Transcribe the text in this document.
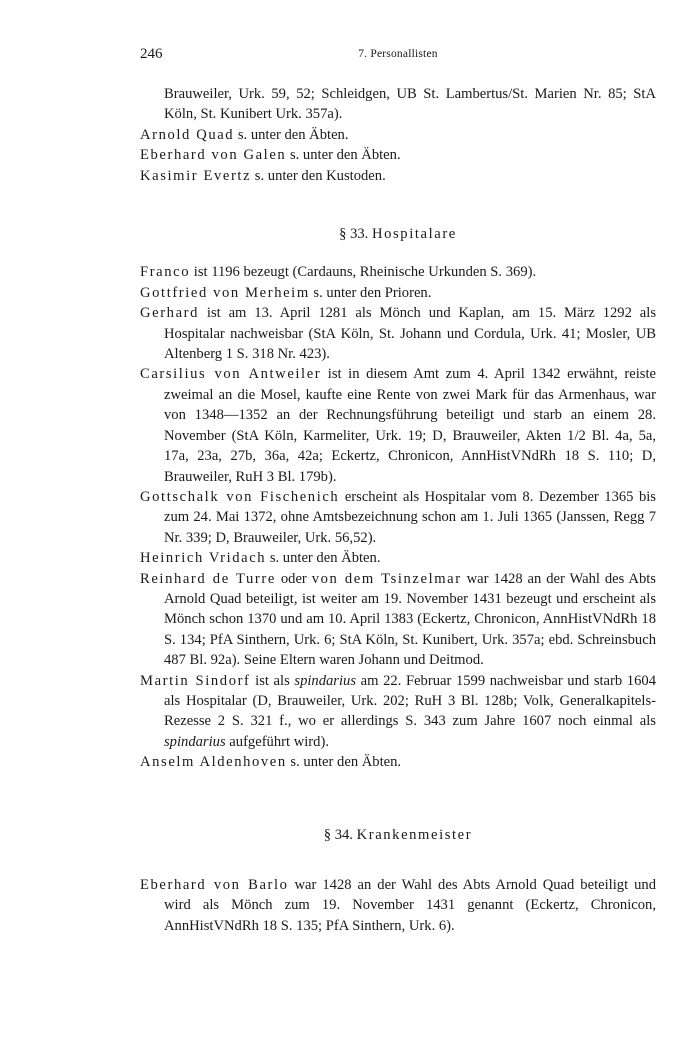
246	7. Personallisten

Brauweiler, Urk. 59, 52; Schleidgen, UB St. Lambertus/St. Marien Nr. 85; StA Köln, St. Kunibert Urk. 357a).

Arnold Quad s. unter den Äbten.

Eberhard von Galen s. unter den Äbten.

Kasimir Evertz s. unter den Kustoden.

§ 33. Hospitalare

Franco ist 1196 bezeugt (Cardauns, Rheinische Urkunden S. 369).

Gottfried von Merheim s. unter den Prioren.

Gerhard ist am 13. April 1281 als Mönch und Kaplan, am 15. März 1292 als Hospitalar nachweisbar (StA Köln, St. Johann und Cordula, Urk. 41; Mosler, UB Altenberg 1 S. 318 Nr. 423).

Carsilius von Antweiler ist in diesem Amt zum 4. April 1342 erwähnt, reiste zweimal an die Mosel, kaufte eine Rente von zwei Mark für das Armenhaus, war von 1348—1352 an der Rechnungsführung beteiligt und starb an einem 28. November (StA Köln, Karmeliter, Urk. 19; D, Brauweiler, Akten 1/2 Bl. 4a, 5a, 17a, 23a, 27b, 36a, 42a; Eckertz, Chronicon, AnnHistVNdRh 18 S. 110; D, Brauweiler, RuH 3 Bl. 179b).

Gottschalk von Fischenich erscheint als Hospitalar vom 8. Dezember 1365 bis zum 24. Mai 1372, ohne Amtsbezeichnung schon am 1. Juli 1365 (Janssen, Regg 7 Nr. 339; D, Brauweiler, Urk. 56,52).

Heinrich Vridach s. unter den Äbten.

Reinhard de Turre oder von dem Tsinzelmar war 1428 an der Wahl des Abts Arnold Quad beteiligt, ist weiter am 19. November 1431 bezeugt und erscheint als Mönch schon 1370 und am 10. April 1383 (Eckertz, Chronicon, AnnHistVNdRh 18 S. 134; PfA Sinthern, Urk. 6; StA Köln, St. Kunibert, Urk. 357a; ebd. Schreinsbuch 487 Bl. 92a). Seine Eltern waren Johann und Deitmod.

Martin Sindorf ist als spindarius am 22. Februar 1599 nachweisbar und starb 1604 als Hospitalar (D, Brauweiler, Urk. 202; RuH 3 Bl. 128b; Volk, Generalkapitels-Rezesse 2 S. 321 f., wo er allerdings S. 343 zum Jahre 1607 noch einmal als spindarius aufgeführt wird).

Anselm Aldenhoven s. unter den Äbten.

§ 34. Krankenmeister

Eberhard von Barlo war 1428 an der Wahl des Abts Arnold Quad beteiligt und wird als Mönch zum 19. November 1431 genannt (Eckertz, Chronicon, AnnHistVNdRh 18 S. 135; PfA Sinthern, Urk. 6).
